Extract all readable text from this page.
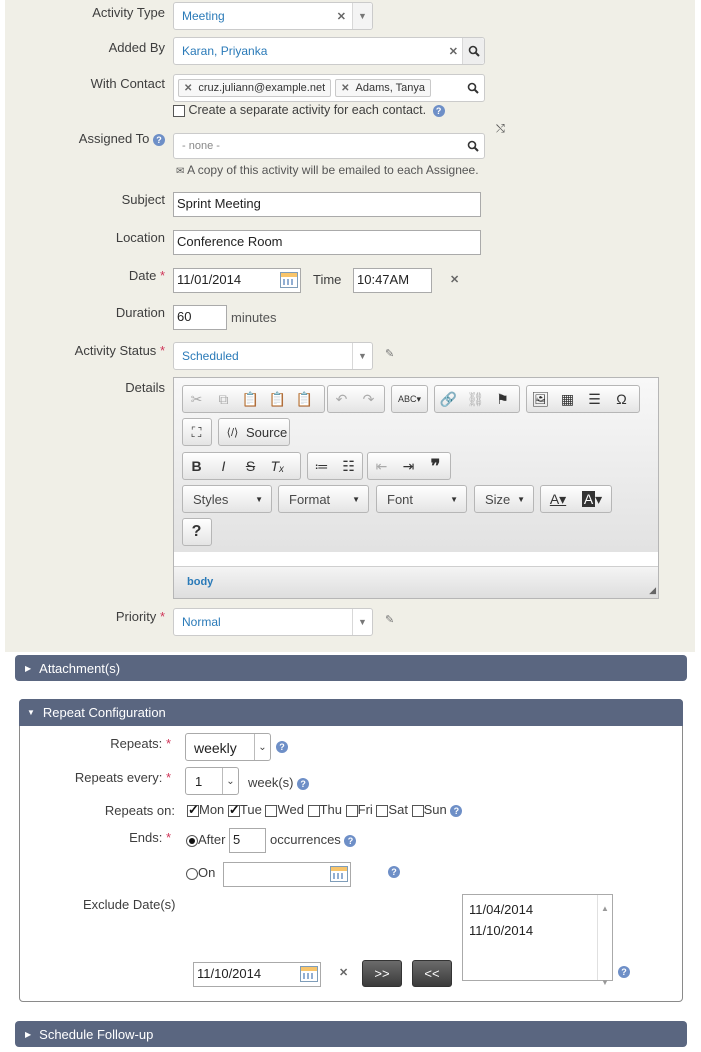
Activity Type Meeting	✕	▼
Added By Karan, Priyanka	✕
With Contact ✕ cruz.juliann@example.net ✕ Adams, Tanya
Create a separate activity for each contact. ?
Assigned To ? - none -
⤭
✉ A copy of this activity will be emailed to each Assignee.
Subject Sprint Meeting
Location Conference Room
Date * 11/01/2014	Time	10:47AM	✕
Duration 60	minutes
Activity Status * Scheduled	▼	✎
Details
✂	⧉ 📋 📋 📋	↶	↷	ABC▾	🔗 ⛓ ⚑	🖼 ▦	☰	Ω
⛶	⟨/⟩ Source
B	I	S	Tₓ	≔ ☷	⇤	⇥ ❞
Styles	▼ Format	▼ Font	▼ Size ▼	A▾	A ▾
?
body
◢
Priority * Normal	▼	✎
▶ Attachment(s)
▼ Repeat Configuration
Repeats: *	weekly	⌄	?
Repeats every: *	1	⌄ week(s) ?
Repeats on: ✓	Mon ✓ Tue Wed Thu Fri Sat Sun ?
Ends: *	After 5	occurrences ?
On	?
Exclude Date(s)
11/10/2014	✕	>>	<<
11/04/2014
11/10/2014
▲
▼
?
▶ Schedule Follow-up
